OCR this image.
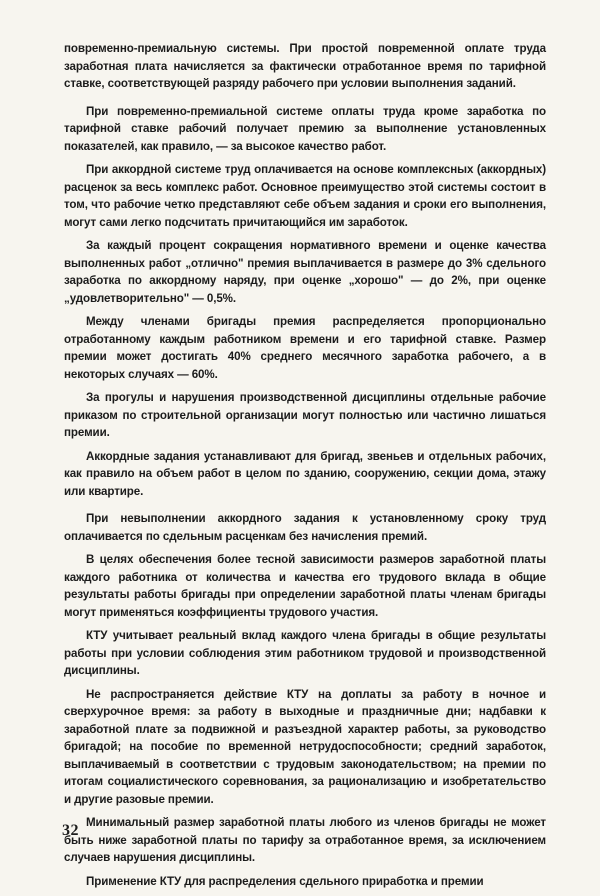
повременно-премиальную системы. При простой повременной оплате труда заработная плата начисляется за фактически отработанное время по тарифной ставке, соответствующей разряду рабочего при условии выполнения заданий.

При повременно-премиальной системе оплаты труда кроме заработка по тарифной ставке рабочий получает премию за выполнение установленных показателей, как правило, — за высокое качество работ.

При аккордной системе труд оплачивается на основе комплексных (аккордных) расценок за весь комплекс работ. Основное преимущество этой системы состоит в том, что рабочие четко представляют себе объем задания и сроки его выполнения, могут сами легко подсчитать причитающийся им заработок.

За каждый процент сокращения нормативного времени и оценке качества выполненных работ „отлично" премия выплачивается в размере до 3% сдельного заработка по аккордному наряду, при оценке „хорошо" — до 2%, при оценке „удовлетворительно" — 0,5%.

Между членами бригады премия распределяется пропорционально отработанному каждым работником времени и его тарифной ставке. Размер премии может достигать 40% среднего месячного заработка рабочего, а в некоторых случаях — 60%.

За прогулы и нарушения производственной дисциплины отдельные рабочие приказом по строительной организации могут полностью или частично лишаться премии.

Аккордные задания устанавливают для бригад, звеньев и отдельных рабочих, как правило на объем работ в целом по зданию, сооружению, секции дома, этажу или квартире.

При невыполнении аккордного задания к установленному сроку труд оплачивается по сдельным расценкам без начисления премий.

В целях обеспечения более тесной зависимости размеров заработной платы каждого работника от количества и качества его трудового вклада в общие результаты работы бригады при определении заработной платы членам бригады могут применяться коэффициенты трудового участия.

КТУ учитывает реальный вклад каждого члена бригады в общие результаты работы при условии соблюдения этим работником трудовой и производственной дисциплины.

Не распространяется действие КТУ на доплаты за работу в ночное и сверхурочное время: за работу в выходные и праздничные дни; надбавки к заработной плате за подвижной и разъездной характер работы, за руководство бригадой; на пособие по временной нетрудоспособности; средний заработок, выплачиваемый в соответствии с трудовым законодательством; на премии по итогам социалистического соревнования, за рационализацию и изобретательство и другие разовые премии.

Минимальный размер заработной платы любого из членов бригады не может быть ниже заработной платы по тарифу за отработанное время, за исключением случаев нарушения дисциплины.

Применение КТУ для распределения сдельного приработка и премии

32
